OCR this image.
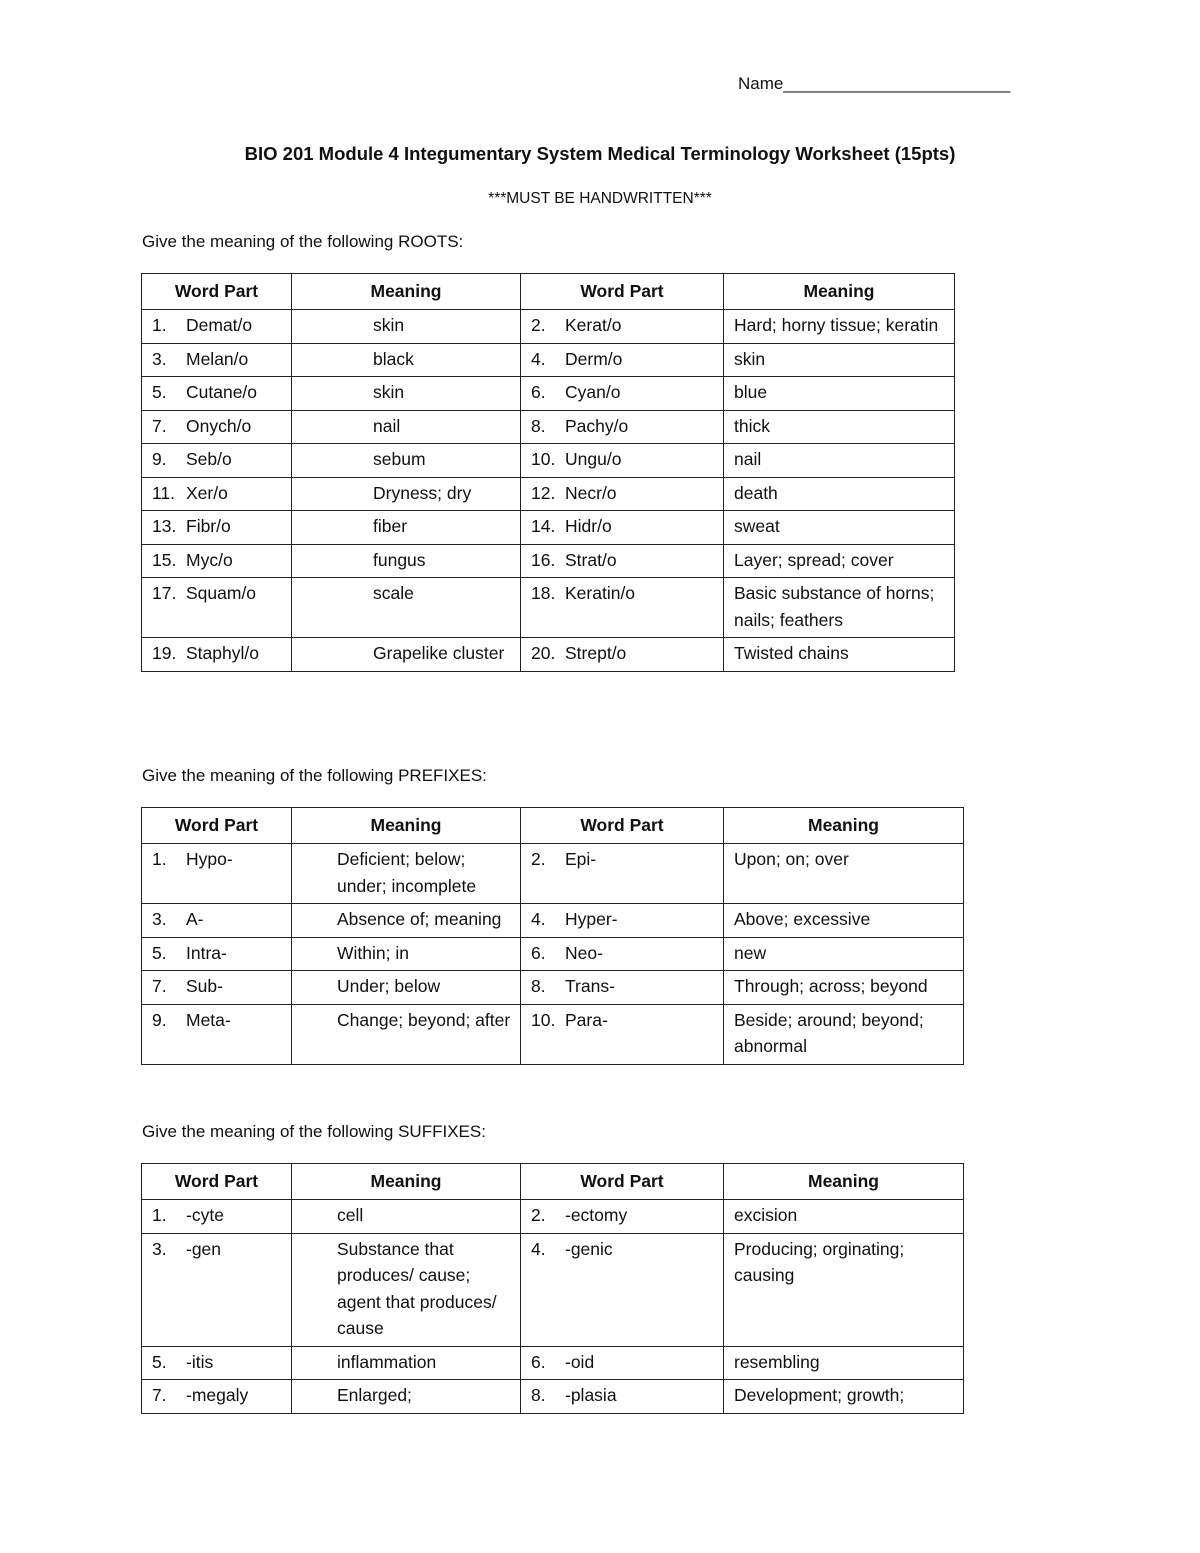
Name________________________
BIO 201 Module 4 Integumentary System Medical Terminology Worksheet (15pts)
***MUST BE HANDWRITTEN***
Give the meaning of the following ROOTS:
Word Part	Meaning	Word Part	Meaning
1. Demat/o	skin	2. Kerat/o	Hard; horny tissue; keratin
3. Melan/o	black	4. Derm/o	skin
5. Cutane/o	skin	6. Cyan/o	blue
7. Onych/o	nail	8. Pachy/o	thick
9. Seb/o	sebum	10. Ungu/o	nail
11. Xer/o	Dryness; dry	12. Necr/o	death
13. Fibr/o	fiber	14. Hidr/o	sweat
15. Myc/o	fungus	16. Strat/o	Layer; spread; cover
17. Squam/o	scale	18. Keratin/o	Basic substance of horns; nails; feathers
19. Staphyl/o	Grapelike cluster	20. Strept/o	Twisted chains
Give the meaning of the following PREFIXES:
Word Part	Meaning	Word Part	Meaning
1. Hypo-	Deficient; below; under; incomplete	2. Epi-	Upon; on; over
3. A-	Absence of; meaning	4. Hyper-	Above; excessive
5. Intra-	Within; in	6. Neo-	new
7. Sub-	Under; below	8. Trans-	Through; across; beyond
9. Meta-	Change; beyond; after	10. Para-	Beside; around; beyond; abnormal
Give the meaning of the following SUFFIXES:
Word Part	Meaning	Word Part	Meaning
1. -cyte	cell	2. -ectomy	excision
3. -gen	Substance that produces/ cause; agent that produces/ cause	4. -genic	Producing; orginating; causing
5. -itis	inflammation	6. -oid	resembling
7. -megaly	Enlarged;	8. -plasia	Development; growth;
